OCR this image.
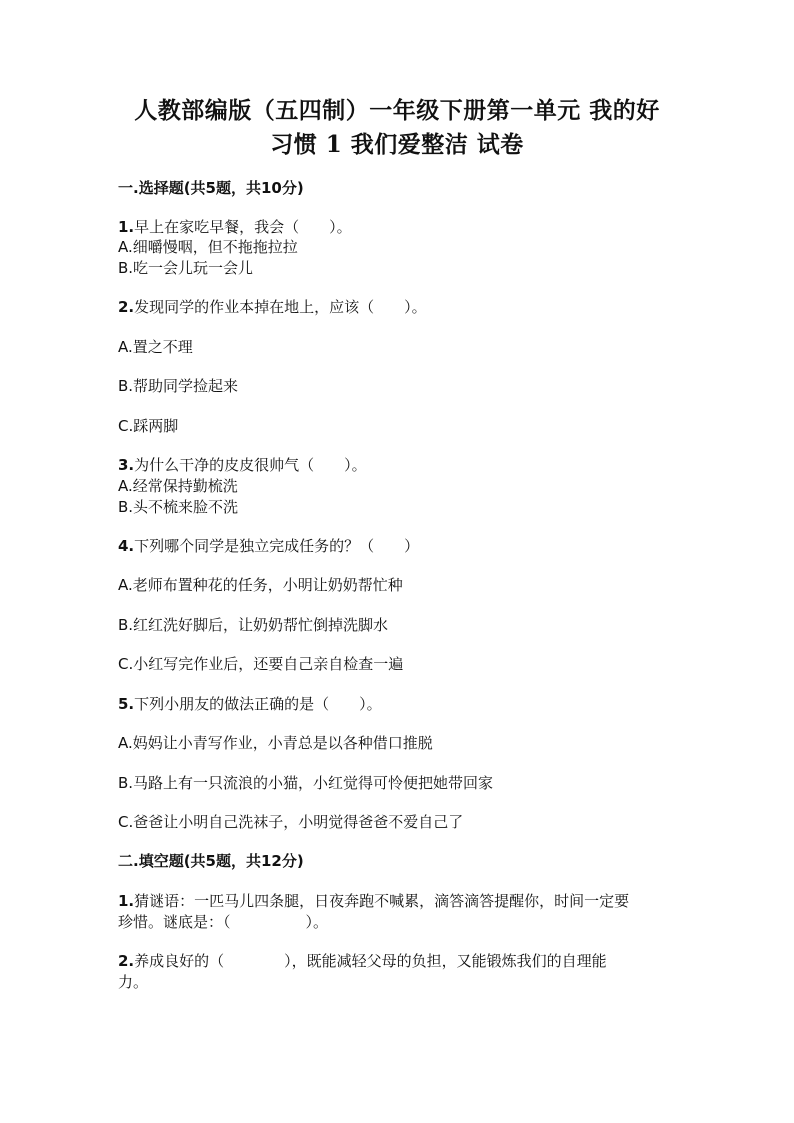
人教部编版（五四制）一年级下册第一单元 我的好
习惯 1 我们爱整洁 试卷
一.选择题(共5题，共10分)
1.早上在家吃早餐，我会（　　）。
A.细嚼慢咽，但不拖拖拉拉
B.吃一会儿玩一会儿
2.发现同学的作业本掉在地上，应该（　　）。
A.置之不理
B.帮助同学捡起来
C.踩两脚
3.为什么干净的皮皮很帅气（　　）。
A.经常保持勤梳洗
B.头不梳来脸不洗
4.下列哪个同学是独立完成任务的？（　　）
A.老师布置种花的任务，小明让奶奶帮忙种
B.红红洗好脚后，让奶奶帮忙倒掉洗脚水
C.小红写完作业后，还要自己亲自检查一遍
5.下列小朋友的做法正确的是（　　）。
A.妈妈让小青写作业，小青总是以各种借口推脱
B.马路上有一只流浪的小猫，小红觉得可怜便把她带回家
C.爸爸让小明自己洗袜子，小明觉得爸爸不爱自己了
二.填空题(共5题，共12分)
1.猜谜语：一匹马儿四条腿，日夜奔跑不喊累，滴答滴答提醒你，时间一定要
珍惜。谜底是：（　　　　　）。
2.养成良好的（　　　　），既能减轻父母的负担，又能锻炼我们的自理能
力。
